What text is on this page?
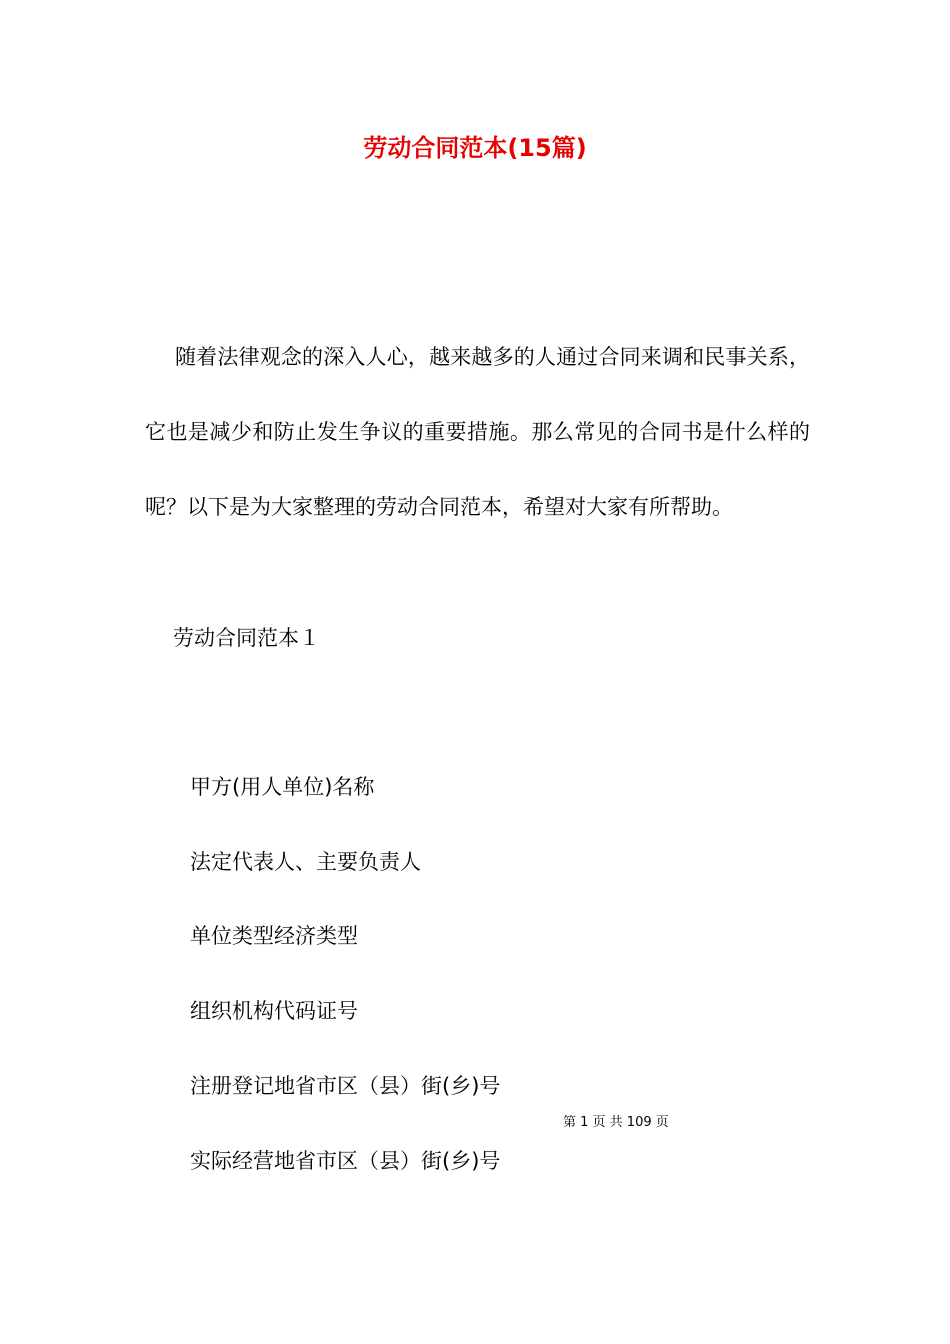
劳动合同范本(15篇)

随着法律观念的深入人心，越来越多的人通过合同来调和民事关系，它也是减少和防止发生争议的重要措施。那么常见的合同书是什么样的呢？以下是为大家整理的劳动合同范本，希望对大家有所帮助。

劳动合同范本１

甲方(用人单位)名称

法定代表人、主要负责人

单位类型经济类型

组织机构代码证号

注册登记地省市区（县）街(乡)号

第 1 页 共 109 页

实际经营地省市区（县）街(乡)号
